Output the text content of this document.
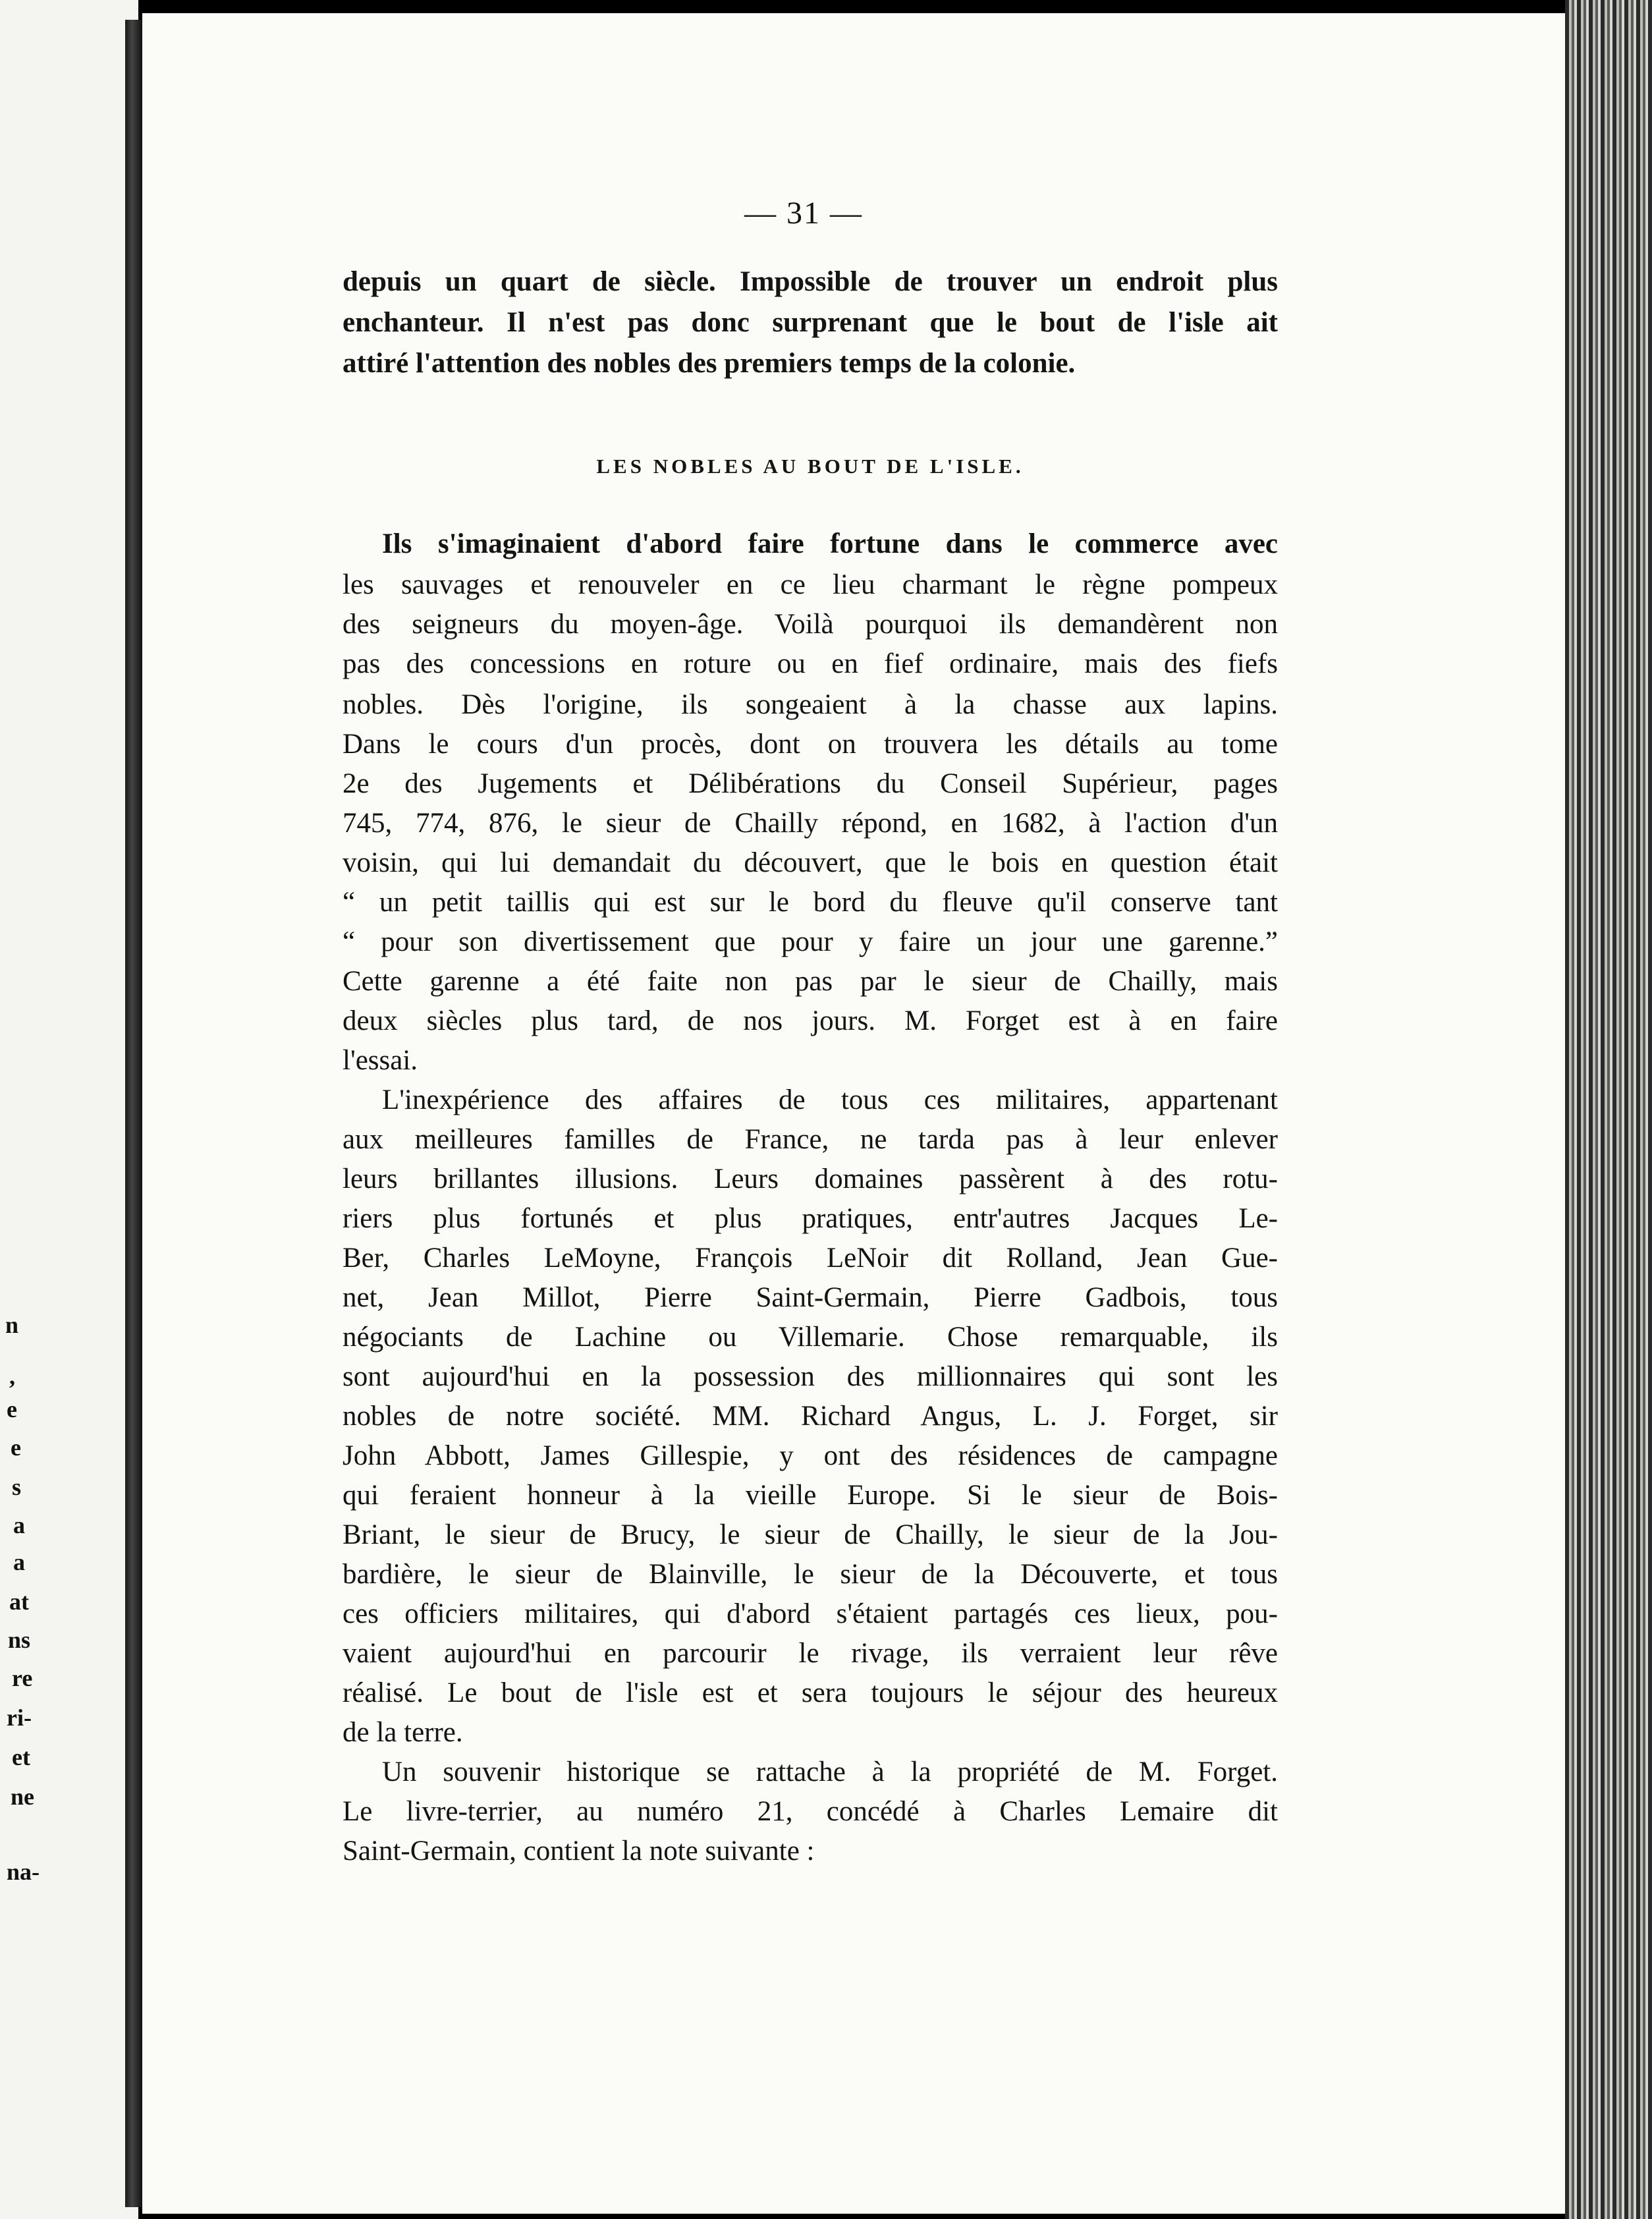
n
,
e
e
s
a
a
at
ns
re
ri-
et
ne
na-
— 31 —
depuis un quart de siècle. Impossible de trouver un endroit plus
enchanteur. Il n'est pas donc surprenant que le bout de l'isle ait
attiré l'attention des nobles des premiers temps de la colonie.
LES NOBLES AU BOUT DE L'ISLE.
Ils s'imaginaient d'abord faire fortune dans le commerce avec
les sauvages et renouveler en ce lieu charmant le règne pompeux
des seigneurs du moyen-âge. Voilà pourquoi ils demandèrent non
pas des concessions en roture ou en fief ordinaire, mais des fiefs
nobles. Dès l'origine, ils songeaient à la chasse aux lapins.
Dans le cours d'un procès, dont on trouvera les détails au tome
2e des Jugements et Délibérations du Conseil Supérieur, pages
745, 774, 876, le sieur de Chailly répond, en 1682, à l'action d'un
voisin, qui lui demandait du découvert, que le bois en question était
“ un petit taillis qui est sur le bord du fleuve qu'il conserve tant
“ pour son divertissement que pour y faire un jour une garenne.”
Cette garenne a été faite non pas par le sieur de Chailly, mais
deux siècles plus tard, de nos jours. M. Forget est à en faire
l'essai.
L'inexpérience des affaires de tous ces militaires, appartenant
aux meilleures familles de France, ne tarda pas à leur enlever
leurs brillantes illusions. Leurs domaines passèrent à des rotu-
riers plus fortunés et plus pratiques, entr'autres Jacques Le-
Ber, Charles LeMoyne, François LeNoir dit Rolland, Jean Gue-
net, Jean Millot, Pierre Saint-Germain, Pierre Gadbois, tous
négociants de Lachine ou Villemarie. Chose remarquable, ils
sont aujourd'hui en la possession des millionnaires qui sont les
nobles de notre société. MM. Richard Angus, L. J. Forget, sir
John Abbott, James Gillespie, y ont des résidences de campagne
qui feraient honneur à la vieille Europe. Si le sieur de Bois-
Briant, le sieur de Brucy, le sieur de Chailly, le sieur de la Jou-
bardière, le sieur de Blainville, le sieur de la Découverte, et tous
ces officiers militaires, qui d'abord s'étaient partagés ces lieux, pou-
vaient aujourd'hui en parcourir le rivage, ils verraient leur rêve
réalisé. Le bout de l'isle est et sera toujours le séjour des heureux
de la terre.
Un souvenir historique se rattache à la propriété de M. Forget.
Le livre-terrier, au numéro 21, concédé à Charles Lemaire dit
Saint-Germain, contient la note suivante :
